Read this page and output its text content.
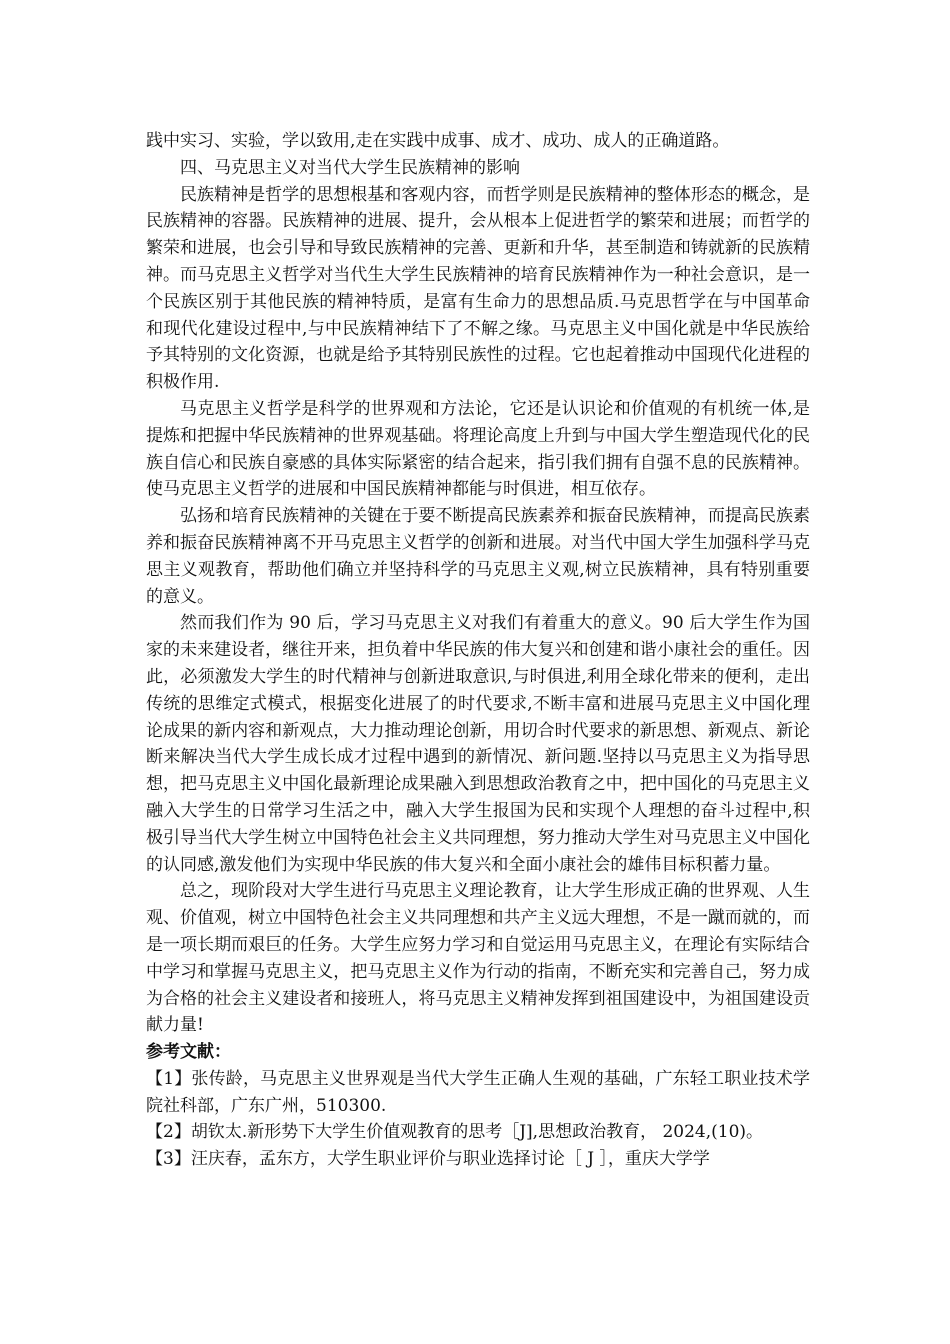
践中实习、实验，学以致用,走在实践中成事、成才、成功、成人的正确道路。

四、马克思主义对当代大学生民族精神的影响

民族精神是哲学的思想根基和客观内容，而哲学则是民族精神的整体形态的概念，是民族精神的容器。民族精神的进展、提升，会从根本上促进哲学的繁荣和进展；而哲学的繁荣和进展，也会引导和导致民族精神的完善、更新和升华，甚至制造和铸就新的民族精神。而马克思主义哲学对当代生大学生民族精神的培育民族精神作为一种社会意识，是一个民族区别于其他民族的精神特质，是富有生命力的思想品质.马克思哲学在与中国革命和现代化建设过程中,与中民族精神结下了不解之缘。马克思主义中国化就是中华民族给予其特别的文化资源，也就是给予其特别民族性的过程。它也起着推动中国现代化进程的积极作用.

马克思主义哲学是科学的世界观和方法论，它还是认识论和价值观的有机统一体,是提炼和把握中华民族精神的世界观基础。将理论高度上升到与中国大学生塑造现代化的民族自信心和民族自豪感的具体实际紧密的结合起来，指引我们拥有自强不息的民族精神。使马克思主义哲学的进展和中国民族精神都能与时俱进，相互依存。

弘扬和培育民族精神的关键在于要不断提高民族素养和振奋民族精神，而提高民族素养和振奋民族精神离不开马克思主义哲学的创新和进展。对当代中国大学生加强科学马克思主义观教育，帮助他们确立并坚持科学的马克思主义观,树立民族精神，具有特别重要的意义。

然而我们作为 90 后，学习马克思主义对我们有着重大的意义。90 后大学生作为国家的未来建设者，继往开来，担负着中华民族的伟大复兴和创建和谐小康社会的重任。因此，必须激发大学生的时代精神与创新进取意识,与时俱进,利用全球化带来的便利，走出传统的思维定式模式，根据变化进展了的时代要求,不断丰富和进展马克思主义中国化理论成果的新内容和新观点，大力推动理论创新，用切合时代要求的新思想、新观点、新论断来解决当代大学生成长成才过程中遇到的新情况、新问题.坚持以马克思主义为指导思想，把马克思主义中国化最新理论成果融入到思想政治教育之中，把中国化的马克思主义融入大学生的日常学习生活之中，融入大学生报国为民和实现个人理想的奋斗过程中,积极引导当代大学生树立中国特色社会主义共同理想，努力推动大学生对马克思主义中国化的认同感,激发他们为实现中华民族的伟大复兴和全面小康社会的雄伟目标积蓄力量。

总之，现阶段对大学生进行马克思主义理论教育，让大学生形成正确的世界观、人生观、价值观，树立中国特色社会主义共同理想和共产主义远大理想，不是一蹴而就的，而是一项长期而艰巨的任务。大学生应努力学习和自觉运用马克思主义，在理论有实际结合中学习和掌握马克思主义，把马克思主义作为行动的指南，不断充实和完善自己，努力成为合格的社会主义建设者和接班人，将马克思主义精神发挥到祖国建设中，为祖国建设贡献力量!

参考文献：

【1】张传龄，马克思主义世界观是当代大学生正确人生观的基础，广东轻工职业技术学院社科部，广东广州，510300.

【2】胡钦太.新形势下大学生价值观教育的思考［J],思想政治教育， 2024,(10)。

【3】汪庆春，孟东方，大学生职业评价与职业选择讨论［ J ］，重庆大学学
